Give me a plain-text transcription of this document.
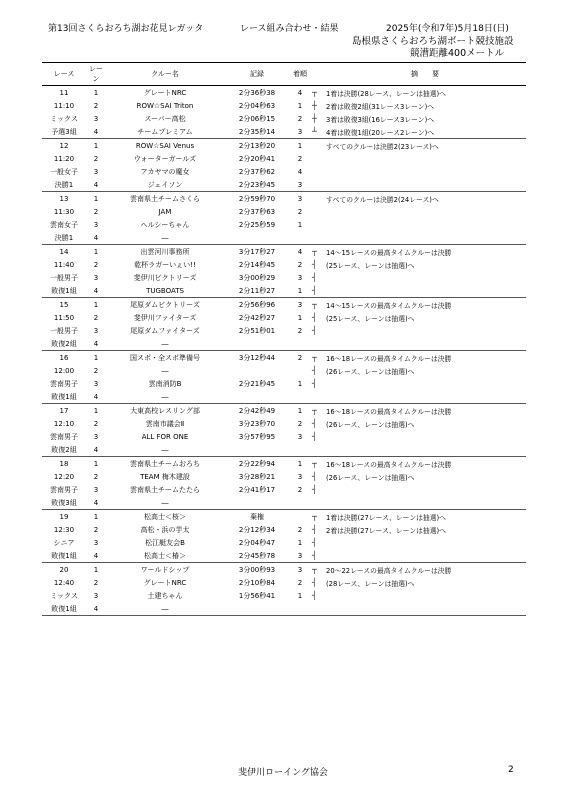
第13回さくらおろち湖お花見レガッタ	レース組み合わせ・結果	2025年(令和7年)5月18日(日)
島根県さくらおろち湖ボート競技施設
競漕距離400メートル
レース	レーン	クルー名	記録	着順		摘　　要
11	1	グレートNRC	2分36秒38	4	┬	1着は決勝(28レース、レーンは抽選)へ
11:10	2	ROW☆SAI Triton	2分04秒63	1	┼	2着は敗復2組(31レース3レーン)へ
ミックス	3	スーパー高松	2分06秒15	2	┼	3着は敗復3組(16レース3レーン)へ
予選3組	4	チームプレミアム	2分35秒14	3	┴	4着は敗復1組(20レース2レーン)へ
12	1	ROW☆SAI Venus	2分13秒20	1		すべてのクルーは決勝2(23レース)へ
11:20	2	ウォーターガールズ	2分20秒41	2		
一般女子	3	アカヤマの魔女	2分37秒62	4		
決勝1	4	ジェイソン	2分23秒45	3		
13	1	雲南県土チームさくら	2分59秒70	3		すべてのクルーは決勝2(24レース)へ
11:30	2	JAM	2分37秒63	2		
雲南女子	3	ヘルシーちゃん	2分25秒59	1		
決勝1	4	―				
14	1	出雲河川事務所	3分17秒27	4	┬	14～15レースの最高タイムクルーは決勝
11:40	2	乾杯ラガーいぇい!!	2分14秒45	2	┤	(25レース、レーンは抽選)へ
一般男子	3	斐伊川ビクトリーズ	3分00秒29	3	┤	
敗復1組	4	TUGBOATS	2分11秒27	1	┤	
15	1	尾原ダムビクトリーズ	2分56秒96	3	┬	14～15レースの最高タイムクルーは決勝
11:50	2	斐伊川ファイターズ	2分42秒27	1	┤	(25レース、レーンは抽選)へ
一般男子	3	尾原ダムファイターズ	2分51秒01	2	┤	
敗復2組	4	―				
16	1	国スポ・全スポ準備号	3分12秒44	2	┬	16～18レースの最高タイムクルーは決勝
12:00	2	―			┤	(26レース、レーンは抽選)へ
雲南男子	3	雲南消防B	2分21秒45	1	┤	
敗復1組	4	―				
17	1	大東高校レスリング部	2分42秒49	1	┬	16～18レースの最高タイムクルーは決勝
12:10	2	雲南市議会Ⅱ	3分23秒70	2	┤	(26レース、レーンは抽選)へ
雲南男子	3	ALL FOR ONE	3分57秒95	3	┤	
敗復2組	4	―				
18	1	雲南県土チームおろち	2分22秒94	1	┬	16～18レースの最高タイムクルーは決勝
12:20	2	TEAM 梅木建設	3分28秒21	3	┤	(26レース、レーンは抽選)へ
雲南男子	3	雲南県土チームたたら	2分41秒17	2	┤	
敗復3組	4	―				
19	1	松高士＜桜＞	棄権		┬	1着は決勝(27レース、レーンは抽選)へ
12:30	2	高松・浜の芋太	2分12秒34	2	┤	2着は決勝(27レース、レーンは抽選)へ
シニア	3	松江艇友会B	2分04秒47	1	┤	
敗復1組	4	松高士＜椿＞	2分45秒78	3	┤	
20	1	ワールドシップ	3分00秒93	3	┬	20～22レースの最高タイムクルーは決勝
12:40	2	グレートNRC	2分10秒84	2	┤	(28レース、レーンは抽選)へ
ミックス	3	土建ちゃん	1分56秒41	1	┤	
敗復1組	4	―				
斐伊川ローイング協会	2
